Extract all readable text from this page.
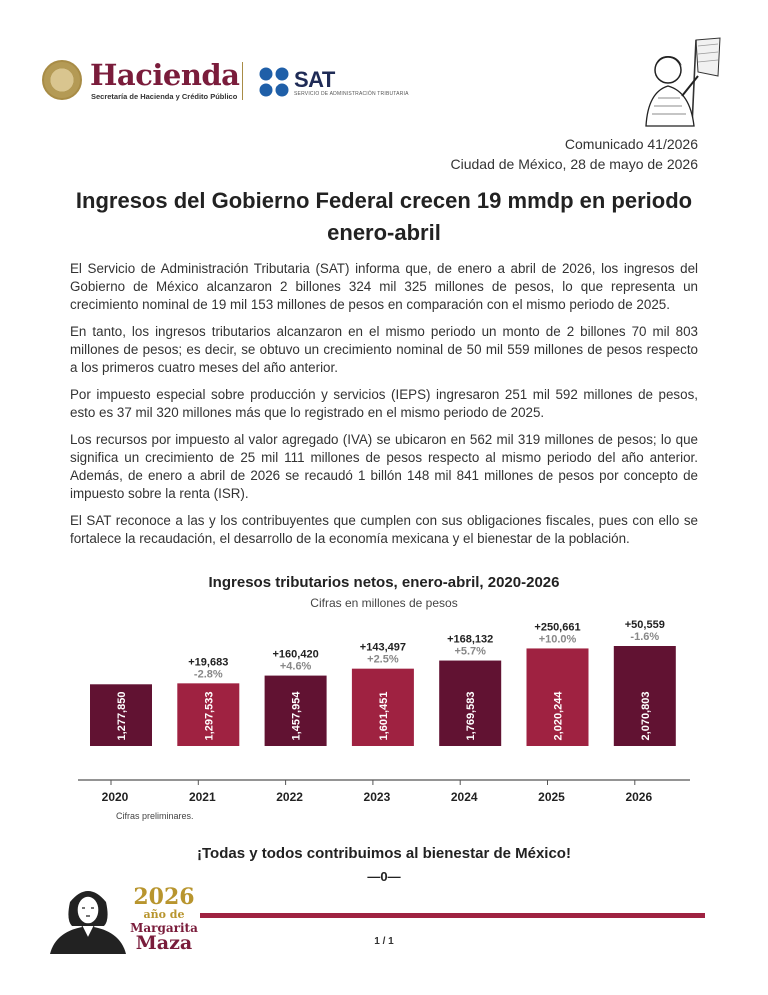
Hacienda
Secretaría de Hacienda y Crédito Público
SAT
SERVICIO DE ADMINISTRACIÓN TRIBUTARIA
Comunicado 41/2026
Ciudad de México, 28 de mayo de 2026
Ingresos del Gobierno Federal crecen 19 mmdp en periodo enero-abril

El Servicio de Administración Tributaria (SAT) informa que, de enero a abril de 2026, los ingresos del Gobierno de México alcanzaron 2 billones 324 mil 325 millones de pesos, lo que representa un crecimiento nominal de 19 mil 153 millones de pesos en comparación con el mismo periodo de 2025.

En tanto, los ingresos tributarios alcanzaron en el mismo periodo un monto de 2 billones 70 mil 803 millones de pesos; es decir, se obtuvo un crecimiento nominal de 50 mil 559 millones de pesos respecto a los primeros cuatro meses del año anterior.

Por impuesto especial sobre producción y servicios (IEPS) ingresaron 251 mil 592 millones de pesos, esto es 37 mil 320 millones más que lo registrado en el mismo periodo de 2025.

Los recursos por impuesto al valor agregado (IVA) se ubicaron en 562 mil 319 millones de pesos; lo que significa un crecimiento de 25 mil 111 millones de pesos respecto al mismo periodo del año anterior. Además, de enero a abril de 2026 se recaudó 1 billón 148 mil 841 millones de pesos por concepto de impuesto sobre la renta (ISR).

El SAT reconoce a las y los contribuyentes que cumplen con sus obligaciones fiscales, pues con ello se fortalece la recaudación, el desarrollo de la economía mexicana y el bienestar de la población.

Ingresos tributarios netos, enero-abril, 2020-2026
Cifras en millones de pesos
1,277,850
2020
1,297,533
2021
-2.8%
+19,683
1,457,954
2022
+4.6%
+160,420
1,601,451
2023
+2.5%
+143,497
1,769,583
2024
+5.7%
+168,132
2,020,244
2025
+10.0%
+250,661
2,070,803
2026
-1.6%
+50,559
Cifras preliminares.
¡Todas y todos contribuimos al bienestar de México!
—0—
2026
año de
Margarita
Maza	1 / 1
